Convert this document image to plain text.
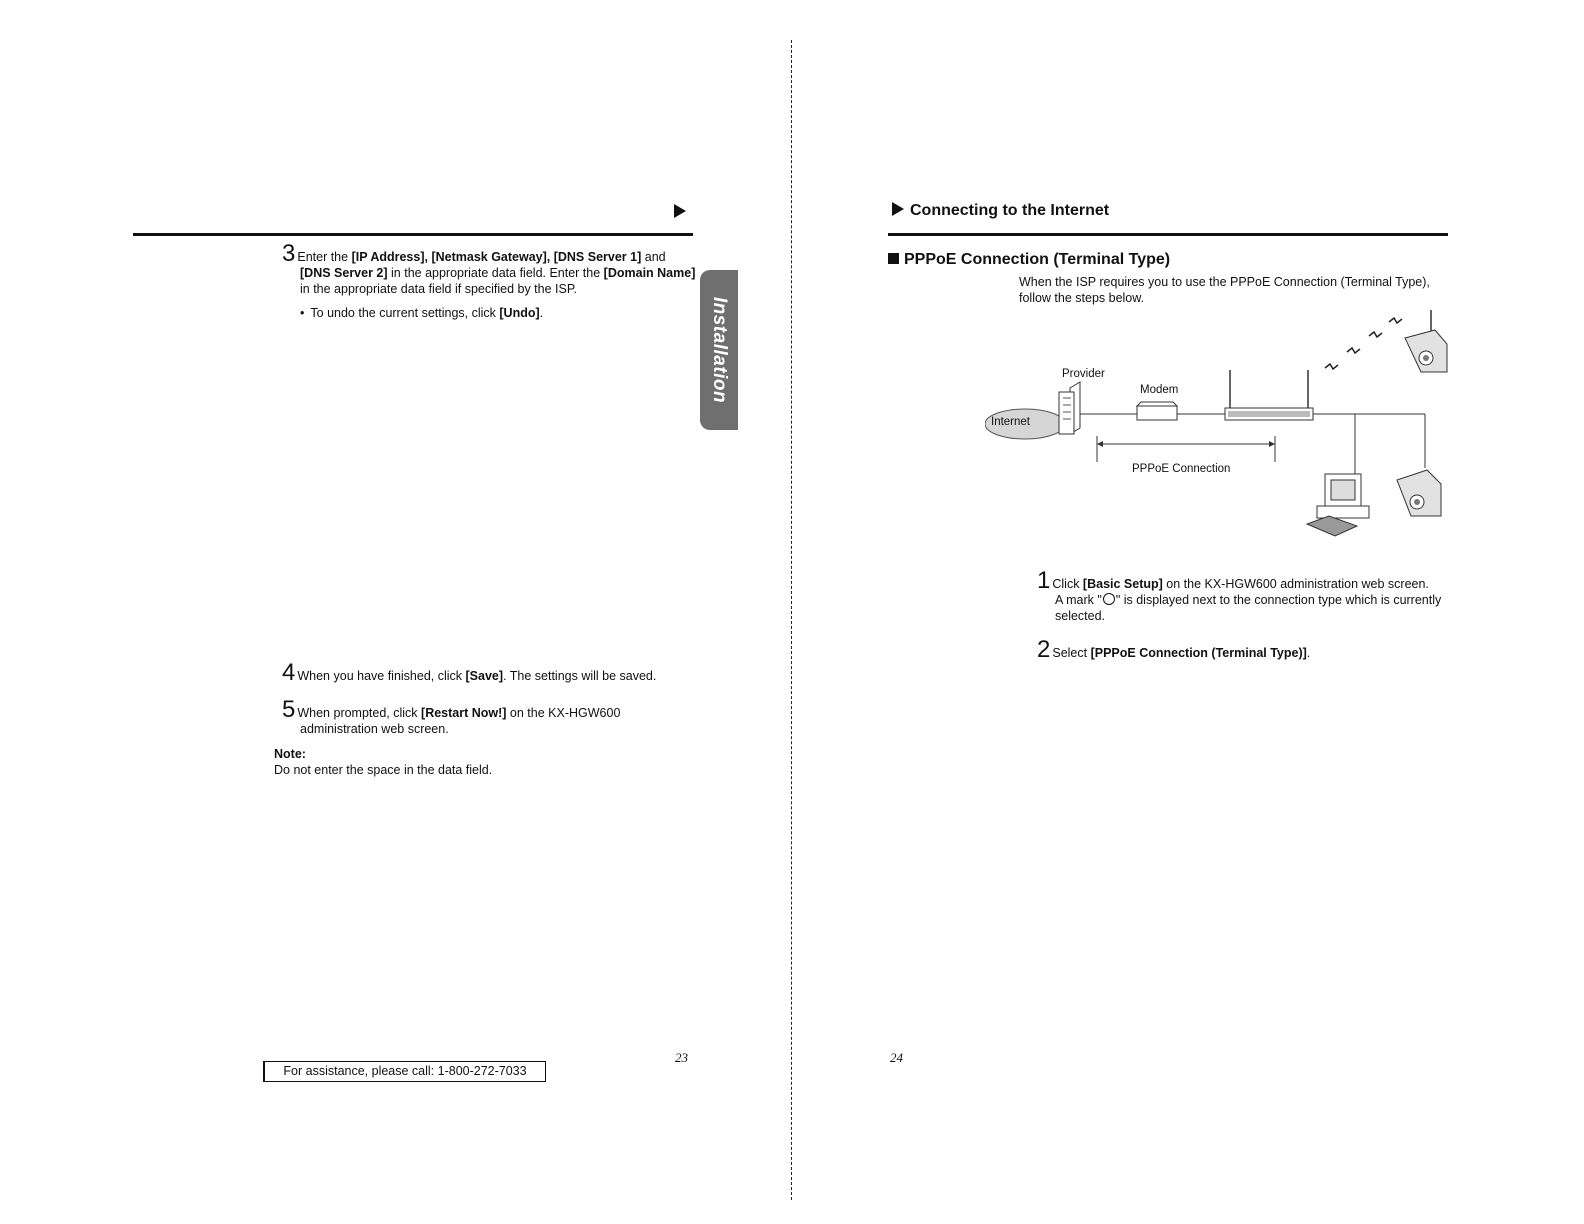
3 Enter the [IP Address], [Netmask Gateway], [DNS Server 1] and
[DNS Server 2] in the appropriate data field. Enter the [Domain Name]
in the appropriate data field if specified by the ISP.
• To undo the current settings, click [Undo].	Installation
4 When you have finished, click [Save]. The settings will be saved.
5 When prompted, click [Restart Now!] on the KX-HGW600
administration web screen.
Note:
Do not enter the space in the data field.
For assistance, please call: 1-800-272-7033
23
Connecting to the Internet
PPPoE Connection (Terminal Type)
When the ISP requires you to use the PPPoE Connection (Terminal Type),
follow the steps below.
Provider
Modem
Internet
PPPoE Connection
1 Click [Basic Setup] on the KX-HGW600 administration web screen.
A mark "○" is displayed next to the connection type which is currently
selected.
2 Select [PPPoE Connection (Terminal Type)].
24
